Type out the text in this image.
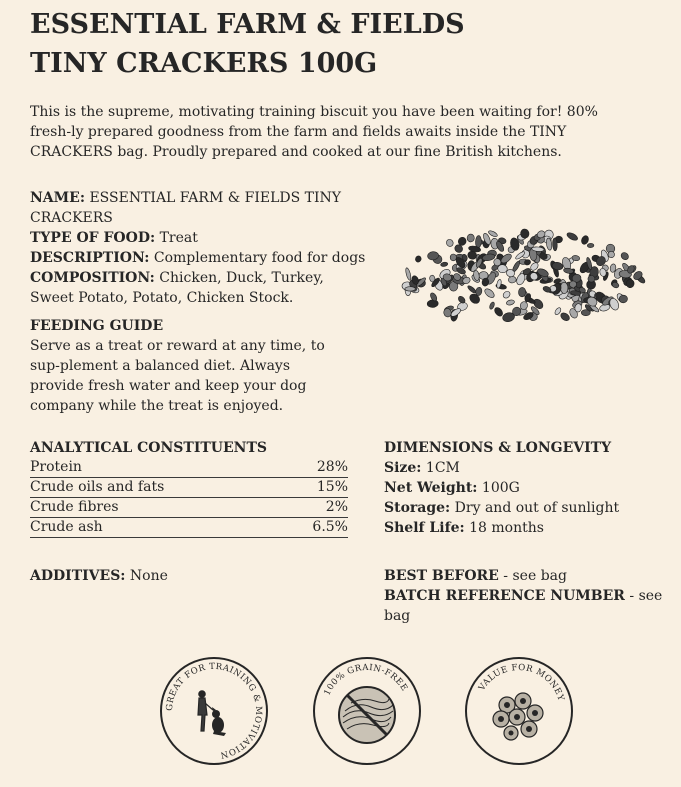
ESSENTIAL FARM & FIELDS
TINY CRACKERS 100G

This is the supreme, motivating training biscuit you have been waiting for! 80% fresh-ly prepared goodness from the farm and fields awaits inside the TINY CRACKERS bag. Proudly prepared and cooked at our fine British kitchens.

NAME: ESSENTIAL FARM & FIELDS TINY CRACKERS
TYPE OF FOOD: Treat
DESCRIPTION: Complementary food for dogs
COMPOSITION: Chicken, Duck, Turkey,
Sweet Potato, Potato, Chicken Stock.
FEEDING GUIDE
Serve as a treat or reward at any time, to sup-plement a balanced diet. Always provide fresh water and keep your dog company while the treat is enjoyed.
ANALYTICAL CONSTITUENTS
Protein	28%
Crude oils and fats	15%
Crude fibres	2%
Crude ash	6.5%
DIMENSIONS & LONGEVITY
Size: 1CM
Net Weight: 100G
Storage: Dry and out of sunlight
Shelf Life: 18 months
ADDITIVES: None	BEST BEFORE - see bag
BATCH REFERENCE NUMBER - see bag
GREAT FOR TRAINING & MOTIVATION
100% GRAIN-FREE	VALUE FOR MONEY
